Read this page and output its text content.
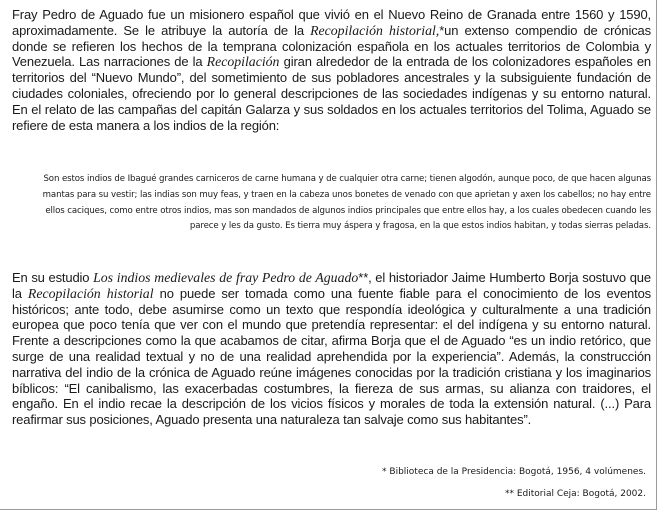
Fray Pedro de Aguado fue un misionero español que vivió en el Nuevo Reino de Granada entre 1560 y 1590, aproximadamente. Se le atribuye la autoría de la Recopilación historial,*un extenso compendio de crónicas donde se refieren los hechos de la temprana colonización española en los actuales territorios de Colombia y Venezuela. Las narraciones de la Recopilación giran alrededor de la entrada de los colonizadores españoles en territorios del “Nuevo Mundo”, del sometimiento de sus pobladores ancestrales y la subsiguiente fundación de ciudades coloniales, ofreciendo por lo general descripciones de las sociedades indígenas y su entorno natural. En el relato de las campañas del capitán Galarza y sus soldados en los actuales territorios del Tolima, Aguado se refiere de esta manera a los indios de la región:

Son estos indios de Ibagué grandes carniceros de carne humana y de cualquier otra carne; tienen algodón, aunque poco, de que hacen algunas mantas para su vestir; las indias son muy feas, y traen en la cabeza unos bonetes de venado con que aprietan y axen los cabellos; no hay entre ellos caciques, como entre otros indios, mas son mandados de algunos indios principales que entre ellos hay, a los cuales obedecen cuando les parece y les da gusto. Es tierra muy áspera y fragosa, en la que estos indios habitan, y todas sierras peladas.

En su estudio Los indios medievales de fray Pedro de Aguado**, el historiador Jaime Humberto Borja sostuvo que la Recopilación historial no puede ser tomada como una fuente fiable para el conocimiento de los eventos históricos; ante todo, debe asumirse como un texto que respondía ideológica y culturalmente a una tradición europea que poco tenía que ver con el mundo que pretendía representar: el del indígena y su entorno natural. Frente a descripciones como la que acabamos de citar, afirma Borja que el de Aguado “es un indio retórico, que surge de una realidad textual y no de una realidad aprehendida por la experiencia”. Además, la construcción narrativa del indio de la crónica de Aguado reúne imágenes conocidas por la tradición cristiana y los imaginarios bíblicos: “El canibalismo, las exacerbadas costumbres, la fiereza de sus armas, su alianza con traidores, el engaño. En el indio recae la descripción de los vicios físicos y morales de toda la extensión natural. (...) Para reafirmar sus posiciones, Aguado presenta una naturaleza tan salvaje como sus habitantes”.

* Biblioteca de la Presidencia: Bogotá, 1956, 4 volúmenes.

** Editorial Ceja: Bogotá, 2002.
